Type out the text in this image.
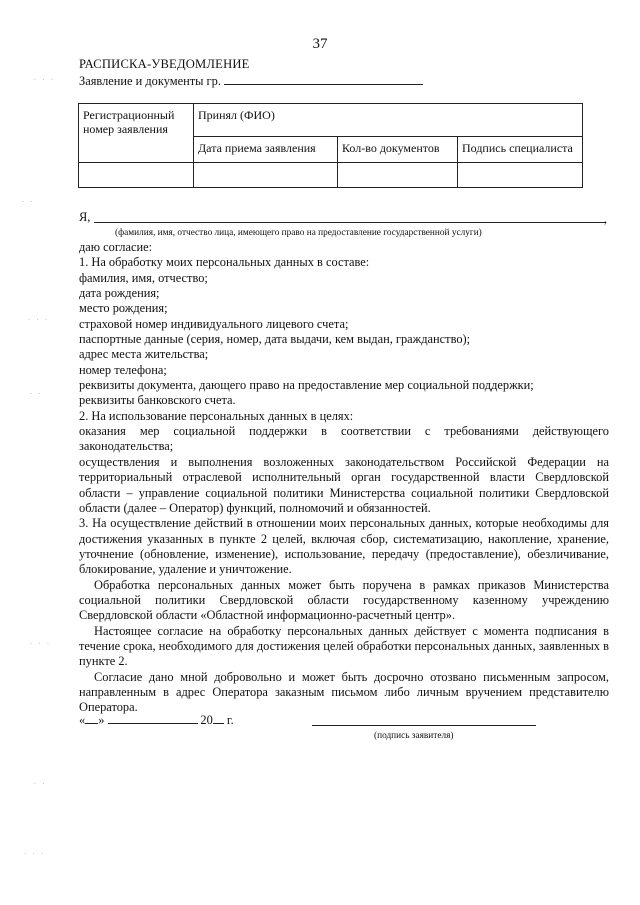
37
РАСПИСКА-УВЕДОМЛЕНИЕ
Заявление и документы гр.
Регистрационный номер заявления	Принял (ФИО)		
	Дата приема заявления	Кол-во документов	Подпись специалиста

Я,	,
(фамилия, имя, отчество лица, имеющего право на предоставление государственной услуги)

даю согласие:

1. На обработку моих персональных данных в составе:

фамилия, имя, отчество;

дата рождения;

место рождения;

страховой номер индивидуального лицевого счета;

паспортные данные (серия, номер, дата выдачи, кем выдан, гражданство);

адрес места жительства;

номер телефона;

реквизиты документа, дающего право на предоставление мер социальной поддержки;

реквизиты банковского счета.

2. На использование персональных данных в целях:

оказания мер социальной поддержки в соответствии с требованиями действующего законодательства;

осуществления и выполнения возложенных законодательством Российской Федерации на территориальный отраслевой исполнительный орган государственной власти Свердловской области – управление социальной политики Министерства социальной политики Свердловской области (далее – Оператор) функций, полномочий и обязанностей.

3. На осуществление действий в отношении моих персональных данных, которые необходимы для достижения указанных в пункте 2 целей, включая сбор, систематизацию, накопление, хранение, уточнение (обновление, изменение), использование, передачу (предоставление), обезличивание, блокирование, удаление и уничтожение.

Обработка персональных данных может быть поручена в рамках приказов Министерства социальной политики Свердловской области государственному казенному учреждению Свердловской области «Областной информационно-расчетный центр».

Настоящее согласие на обработку персональных данных действует с момента подписания в течение срока, необходимого для достижения целей обработки персональных данных, заявленных в пункте 2.

Согласие дано мной добровольно и может быть досрочно отозвано письменным запросом, направленным в адрес Оператора заказным письмом либо личным вручением представителю Оператора.

« »	20 г.
(подпись заявителя)
· · ·
· ·
· · ·
· ·
· · ·
· ·
· · ·
